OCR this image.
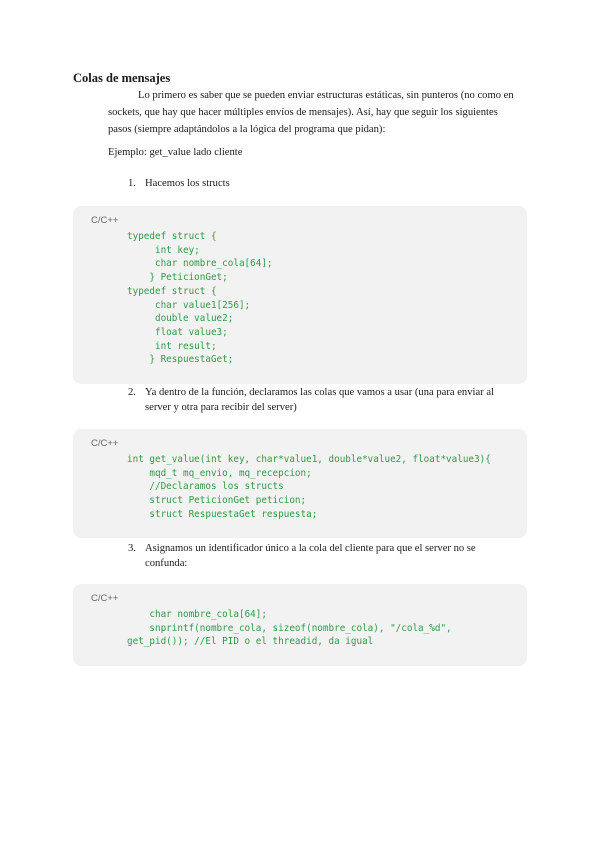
Colas de mensajes

Lo primero es saber que se pueden enviar estructuras estáticas, sin punteros (no como en sockets, que hay que hacer múltiples envíos de mensajes). Así, hay que seguir los siguientes pasos (siempre adaptándolos a la lógica del programa que pidan):

Ejemplo: get_value lado cliente

1. Hacemos los structs
C/C++
typedef struct {
int key;
char nombre_cola[64];
} PeticionGet;
typedef struct {
char value1[256];
double value2;
float value3;
int result;
} RespuestaGet;
2. Ya dentro de la función, declaramos las colas que vamos a usar (una para enviar al server y otra para recibir del server)
C/C++
int get_value(int key, char*value1, double*value2, float*value3){
mqd_t mq_envio, mq_recepcion;
//Declaramos los structs
struct PeticionGet peticion;
struct RespuestaGet respuesta;
3. Asignamos un identificador único a la cola del cliente para que el server no se confunda:
C/C++
char nombre_cola[64];
snprintf(nombre_cola, sizeof(nombre_cola), "/cola_%d",
get_pid()); //El PID o el threadid, da igual
